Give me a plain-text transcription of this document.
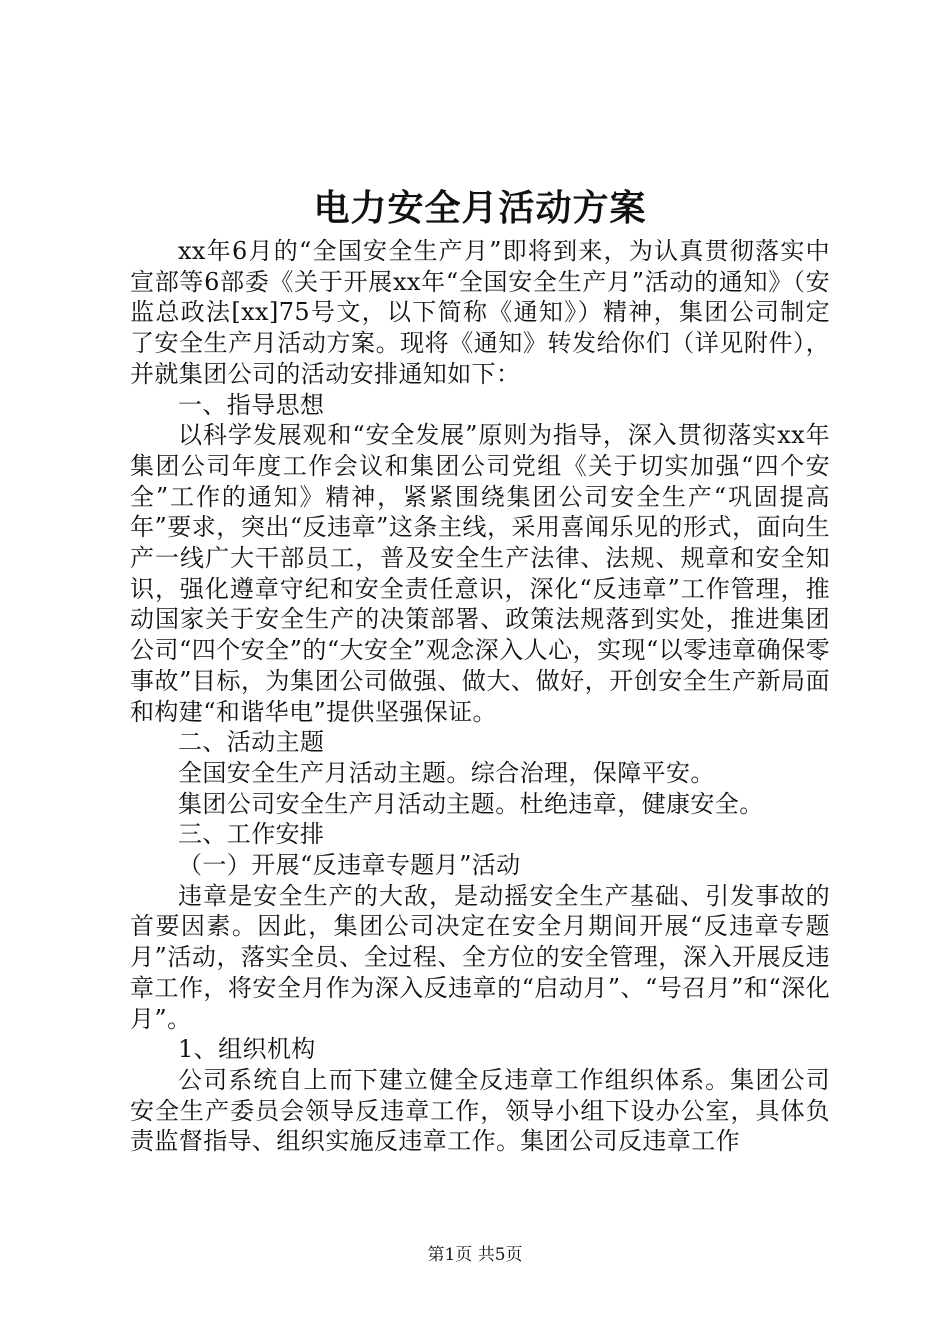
电力安全月活动方案

xx年6月的“全国安全生产月”即将到来，为认真贯彻落实中宣部等6部委《关于开展xx年“全国安全生产月”活动的通知》（安监总政法[xx]75号文，以下简称《通知》）精神，集团公司制定了安全生产月活动方案。现将《通知》转发给你们（详见附件），并就集团公司的活动安排通知如下：

一、指导思想

以科学发展观和“安全发展”原则为指导，深入贯彻落实xx年集团公司年度工作会议和集团公司党组《关于切实加强“四个安全”工作的通知》精神，紧紧围绕集团公司安全生产“巩固提高年”要求，突出“反违章”这条主线，采用喜闻乐见的形式，面向生产一线广大干部员工，普及安全生产法律、法规、规章和安全知识，强化遵章守纪和安全责任意识，深化“反违章”工作管理，推动国家关于安全生产的决策部署、政策法规落到实处，推进集团公司“四个安全”的“大安全”观念深入人心，实现“以零违章确保零事故”目标，为集团公司做强、做大、做好，开创安全生产新局面和构建“和谐华电”提供坚强保证。

二、活动主题

全国安全生产月活动主题。综合治理，保障平安。

集团公司安全生产月活动主题。杜绝违章，健康安全。

三、工作安排

（一）开展“反违章专题月”活动

违章是安全生产的大敌，是动摇安全生产基础、引发事故的首要因素。因此，集团公司决定在安全月期间开展“反违章专题月”活动，落实全员、全过程、全方位的安全管理，深入开展反违章工作，将安全月作为深入反违章的“启动月”、“号召月”和“深化月”。

1、组织机构

公司系统自上而下建立健全反违章工作组织体系。集团公司安全生产委员会领导反违章工作，领导小组下设办公室，具体负责监督指导、组织实施反违章工作。集团公司反违章工作

第1页 共5页
